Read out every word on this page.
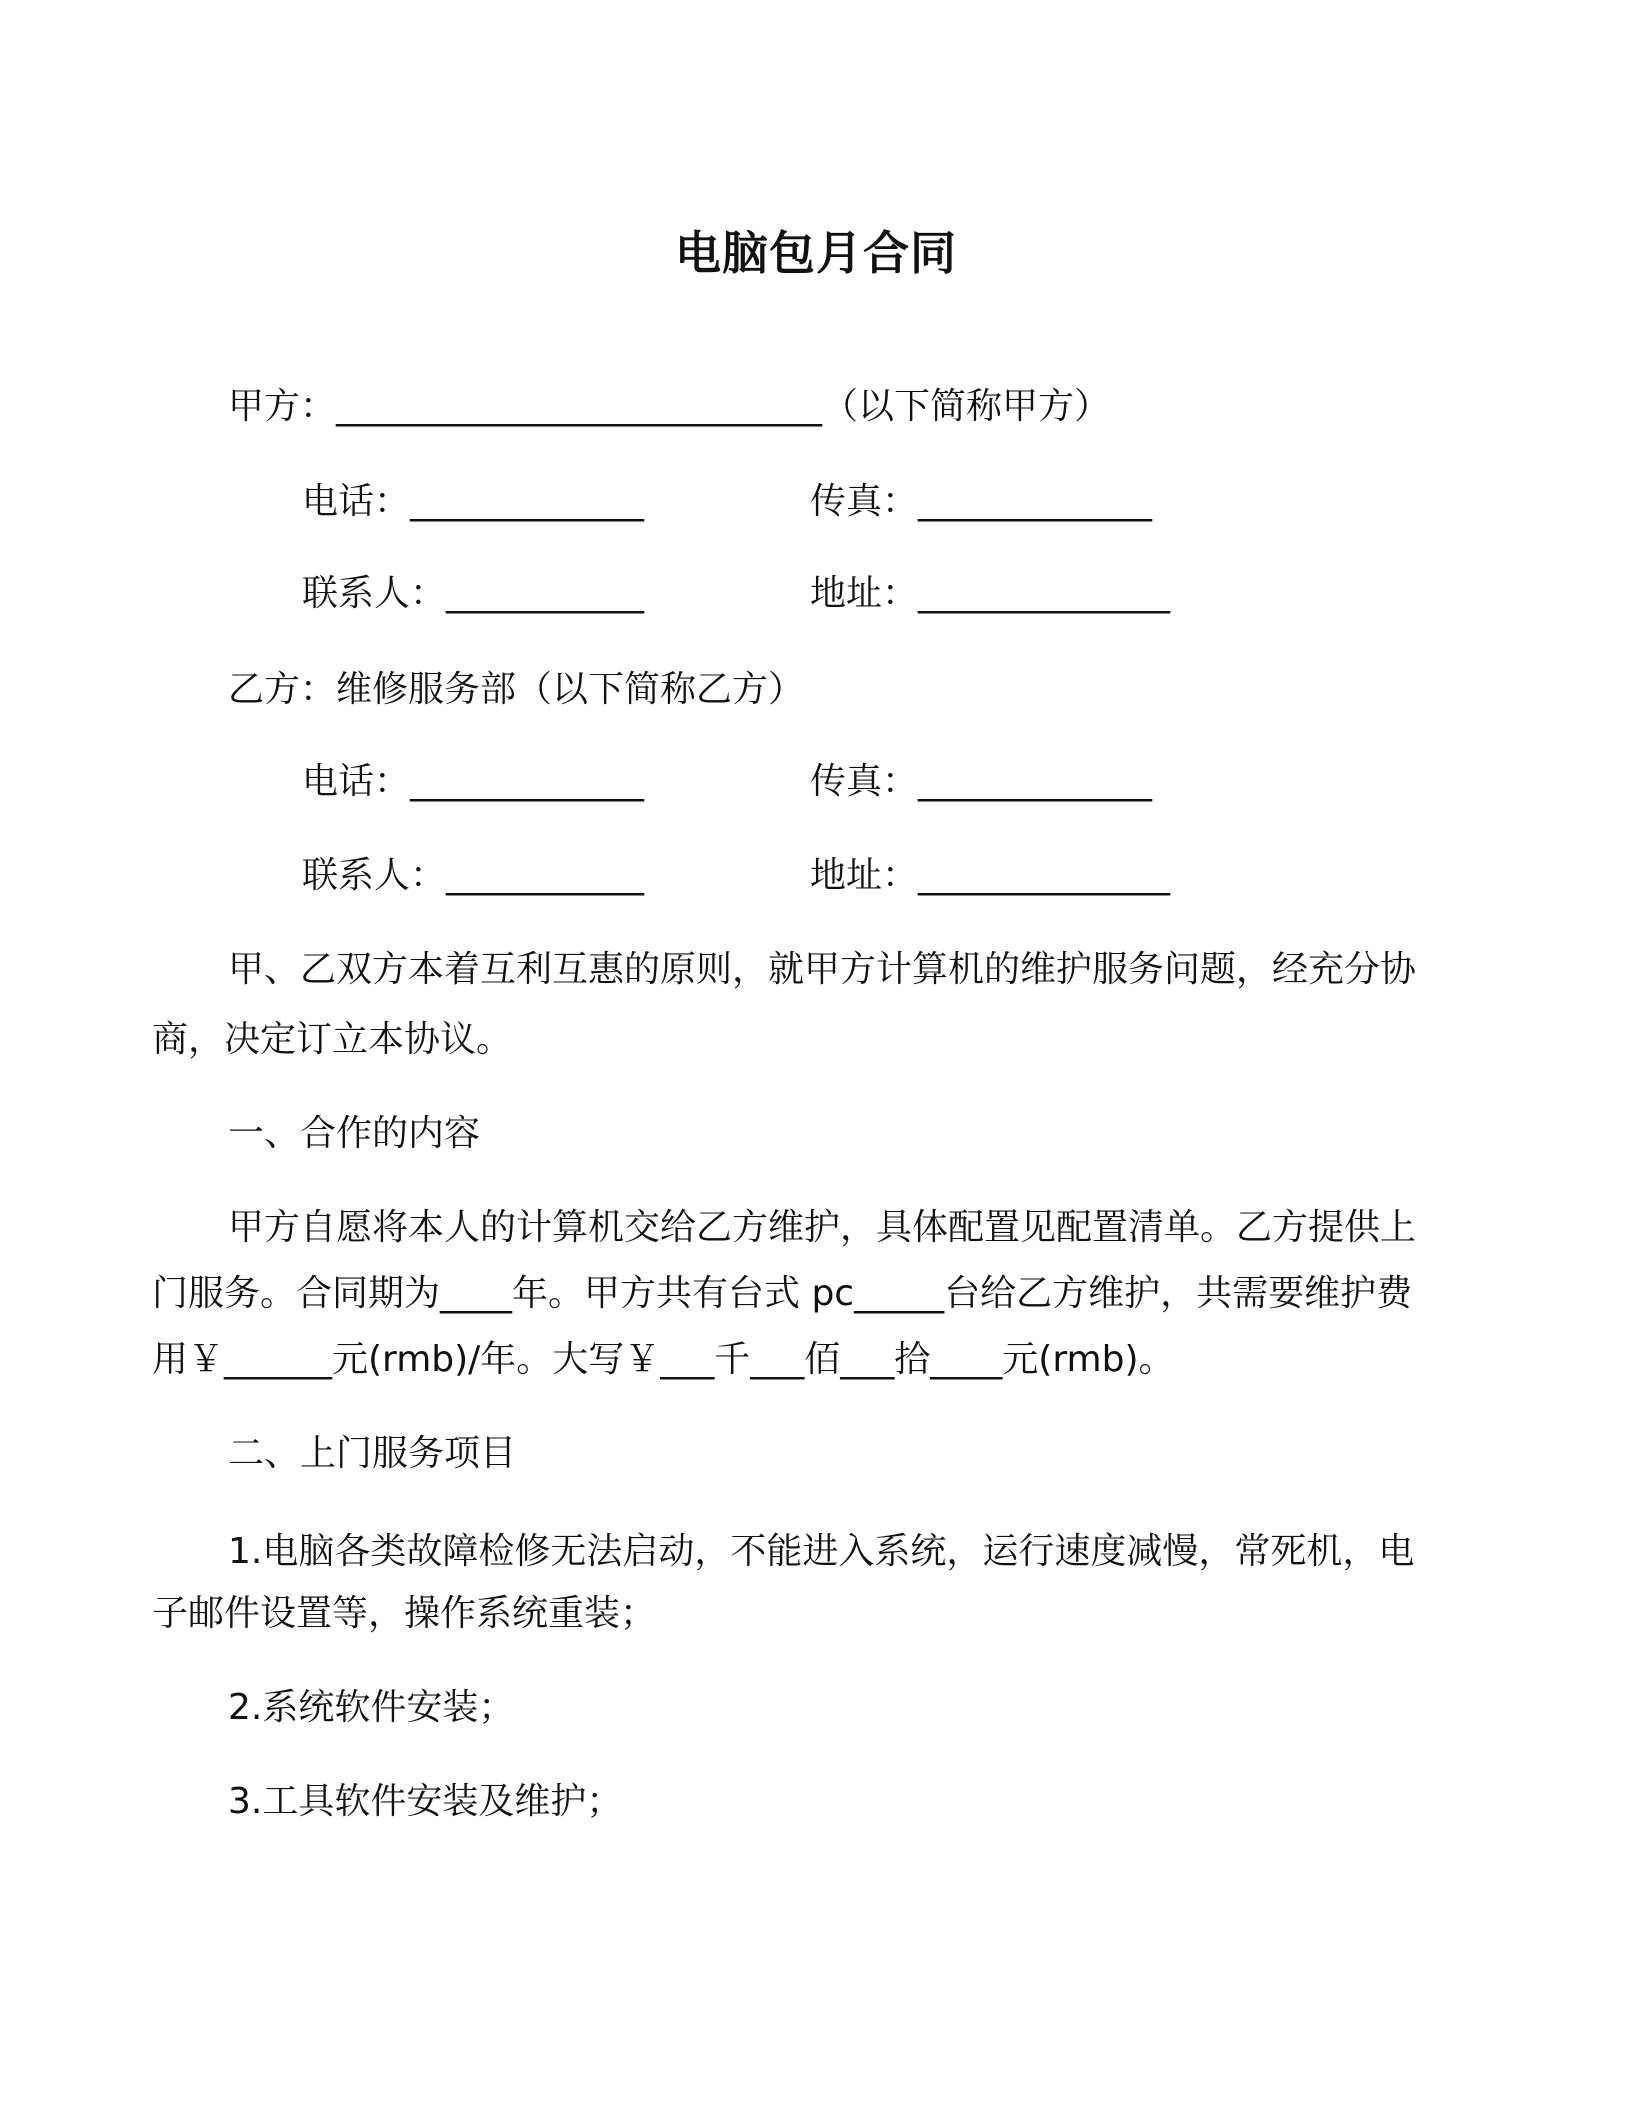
电脑包月合同
甲方：___________________________（以下简称甲方）
电话：_____________	传真：_____________
联系人：___________	地址：______________
乙方：维修服务部（以下简称乙方）
电话：_____________	传真：_____________
联系人：___________	地址：______________
甲、乙双方本着互利互惠的原则，就甲方计算机的维护服务问题，经充分协
商，决定订立本协议。
一、合作的内容
甲方自愿将本人的计算机交给乙方维护，具体配置见配置清单。乙方提供上
门服务。合同期为____年。甲方共有台式 pc_____台给乙方维护，共需要维护费
用￥______元(rmb)/年。大写￥___千___佰___拾____元(rmb)。
二、上门服务项目
1.电脑各类故障检修无法启动，不能进入系统，运行速度减慢，常死机，电
子邮件设置等，操作系统重装；
2.系统软件安装；
3.工具软件安装及维护；
